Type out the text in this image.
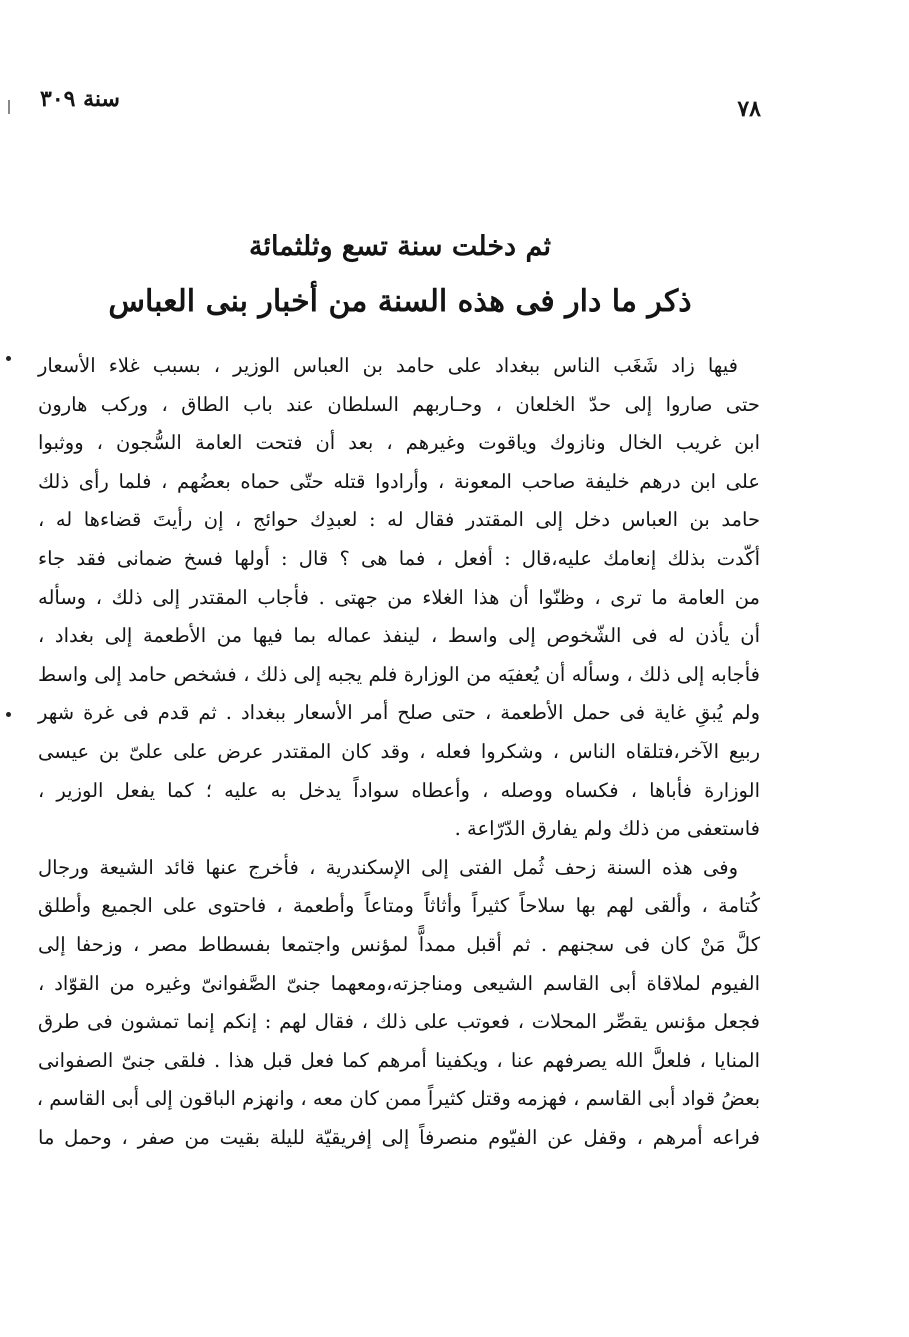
٧٨
سنة ٣٠٩

ثم دخلت سنة تسع وثلثمائة

ذكر ما دار فى هذه السنة من أخبار بنى العباس

فيها زاد شَغَب الناس ببغداد على حامد بن العباس الوزير ، بسبب غلاء الأسعار
حتى صاروا إلى حدّ الخلعان ، وحـاربهم السلطان عند باب الطاق ، وركب هارون
ابن غريب الخال ونازوك وياقوت وغيرهم ، بعد أن فتحت العامة السُّجون ، ووثبوا
على ابن درهم خليفة صاحب المعونة ، وأرادوا قتله حتّى حماه بعضُهم ، فلما رأى ذلك
حامد بن العباس دخل إلى المقتدر فقال له : لعبدِك حوائج ، إن رأيتَ قضاءها له ،
أكّدت بذلك إنعامك عليه،قال : أفعل ، فما هى ؟ قال : أولها فسخ ضمانى فقد جاء
من العامة ما ترى ، وظنّوا أن هذا الغلاء من جهتى . فأجاب المقتدر إلى ذلك ، وسأله
أن يأذن له فى الشّخوص إلى واسط ، لينفذ عماله بما فيها من الأطعمة إلى بغداد ،
فأجابه إلى ذلك ، وسأله أن يُعفيَه من الوزارة فلم يجبه إلى ذلك ، فشخص حامد إلى واسط
ولم يُبقِ غاية فى حمل الأطعمة ، حتى صلح أمر الأسعار ببغداد . ثم قدم فى غرة شهر
ربيع الآخر،فتلقاه الناس ، وشكروا فعله ، وقد كان المقتدر عرض على علىّ بن عيسى
الوزارة فأباها ، فكساه ووصله ، وأعطاه سواداً يدخل به عليه ؛ كما يفعل الوزير ،
فاستعفى من ذلك ولم يفارق الدّرّاعة .
وفى هذه السنة زحف ثُمل الفتى إلى الإسكندرية ، فأخرج عنها قائد الشيعة ورجال
كُتامة ، وألقى لهم بها سلاحاً كثيراً وأثاثاً ومتاعاً وأطعمة ، فاحتوى على الجميع وأطلق
كلَّ مَنْ كان فى سجنهم . ثم أقبل ممداًّ لمؤنس واجتمعا بفسطاط مصر ، وزحفا إلى
الفيوم لملاقاة أبى القاسم الشيعى ومناجزته،ومعهما جنىّ الصَّفوانىّ وغيره من القوّاد ،
فجعل مؤنس يقصِّر المحلات ، فعوتب على ذلك ، فقال لهم : إنكم إنما تمشون فى طرق
المنايا ، فلعلَّ الله يصرفهم عنا ، ويكفينا أمرهم كما فعل قبل هذا . فلقى جنىّ الصفوانى
بعضُ قواد أبى القاسم ، فهزمه وقتل كثيراً ممن كان معه ، وانهزم الباقون إلى أبى القاسم ،
فراعه أمرهم ، وقفل عن الفيّوم منصرفاً إلى إفريقيّة لليلة بقيت من صفر ، وحمل ما
